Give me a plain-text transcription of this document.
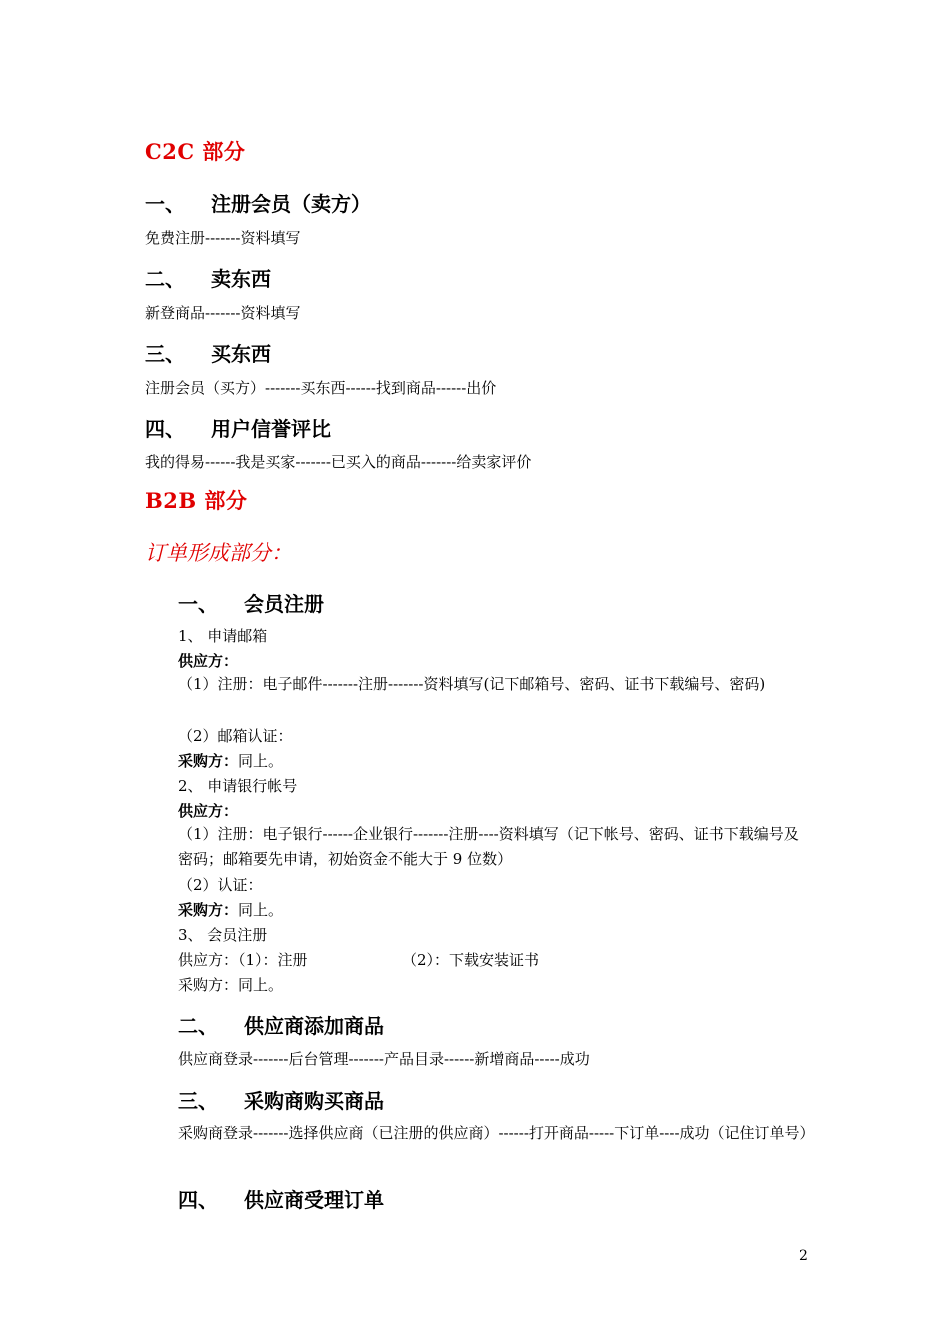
C2C 部分
一、 注册会员（卖方）
免费注册-------资料填写
二、 卖东西
新登商品-------资料填写
三、 买东西
注册会员（买方）-------买东西------找到商品------出价
四、 用户信誉评比
我的得易------我是买家-------已买入的商品-------给卖家评价
B2B 部分
订单形成部分：
一、 会员注册
1、 申请邮箱
供应方：
（1）注册：电子邮件-------注册-------资料填写(记下邮箱号、密码、证书下载编号、密码)
（2）邮箱认证：
采购方：同上。
2、 申请银行帐号
供应方：
（1）注册：电子银行------企业银行-------注册----资料填写（记下帐号、密码、证书下载编号及密码；邮箱要先申请，初始资金不能大于 9 位数）
（2）认证：
采购方：同上。
3、 会员注册
供应方：（1）：注册	（2）：下载安装证书
采购方：同上。
二、 供应商添加商品
供应商登录-------后台管理-------产品目录------新增商品-----成功
三、 采购商购买商品
采购商登录-------选择供应商（已注册的供应商）------打开商品-----下订单----成功（记住订单号）
四、 供应商受理订单
2
